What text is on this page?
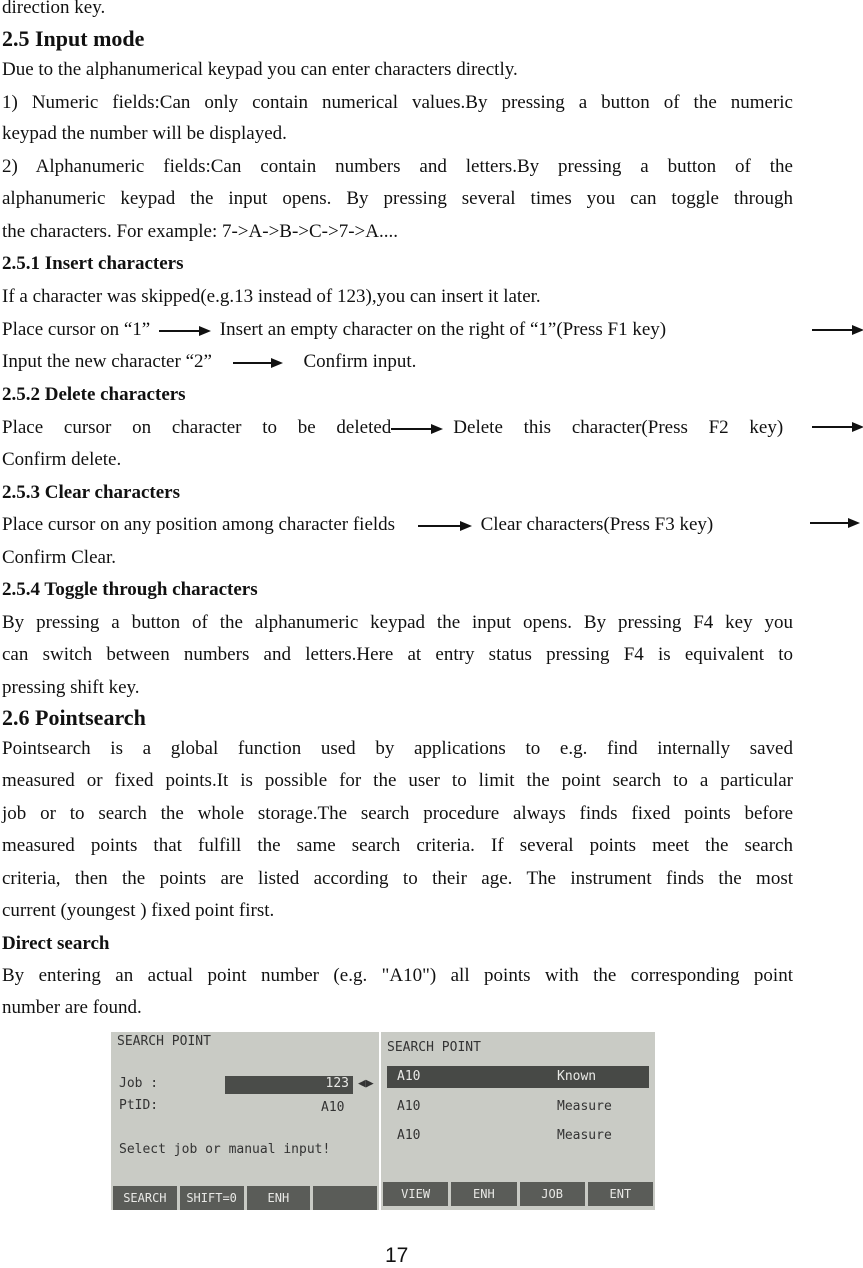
direction key.
2.5 Input mode
Due to the alphanumerical keypad you can enter characters directly.
1) Numeric fields:Can only contain numerical values.By pressing a button of the numeric
keypad the number will be displayed.
2) Alphanumeric fields:Can contain numbers and letters.By pressing a button of the
alphanumeric keypad the input opens. By pressing several times you can toggle through
the characters. For example: 7->A->B->C->7->A....
2.5.1 Insert characters
If a character was skipped(e.g.13 instead of 123),you can insert it later.
Place cursor on “1”	Insert an empty character on the right of “1”(Press F1 key)
Input the new character “2”	Confirm input.
2.5.2 Delete characters
Place cursor on character to be deleted	Delete this character(Press F2 key)
Confirm delete.
2.5.3 Clear characters
Place cursor on any position among character fields	Clear characters(Press F3 key)
Confirm Clear.
2.5.4 Toggle through characters
By pressing a button of the alphanumeric keypad the input opens. By pressing F4 key you
can switch between numbers and letters.Here at entry status pressing F4 is equivalent to
pressing shift key.
2.6 Pointsearch
Pointsearch is a global function used by applications to e.g. find internally saved
measured or fixed points.It is possible for the user to limit the point search to a particular
job or to search the whole storage.The search procedure always finds fixed points before
measured points that fulfill the same search criteria. If several points meet the search
criteria, then the points are listed according to their age. The instrument finds the most
current (youngest ) fixed point first.
Direct search
By entering an actual point number (e.g. "A10") all points with the corresponding point
number are found.
SEARCH POINT
Job :	123 ◀▶
PtID:	A10
Select job or manual input!
SEARCH	SHIFT=0	ENH
SEARCH POINT
A10	Known
A10	Measure
A10	Measure
VIEW	ENH	JOB	ENT
17
